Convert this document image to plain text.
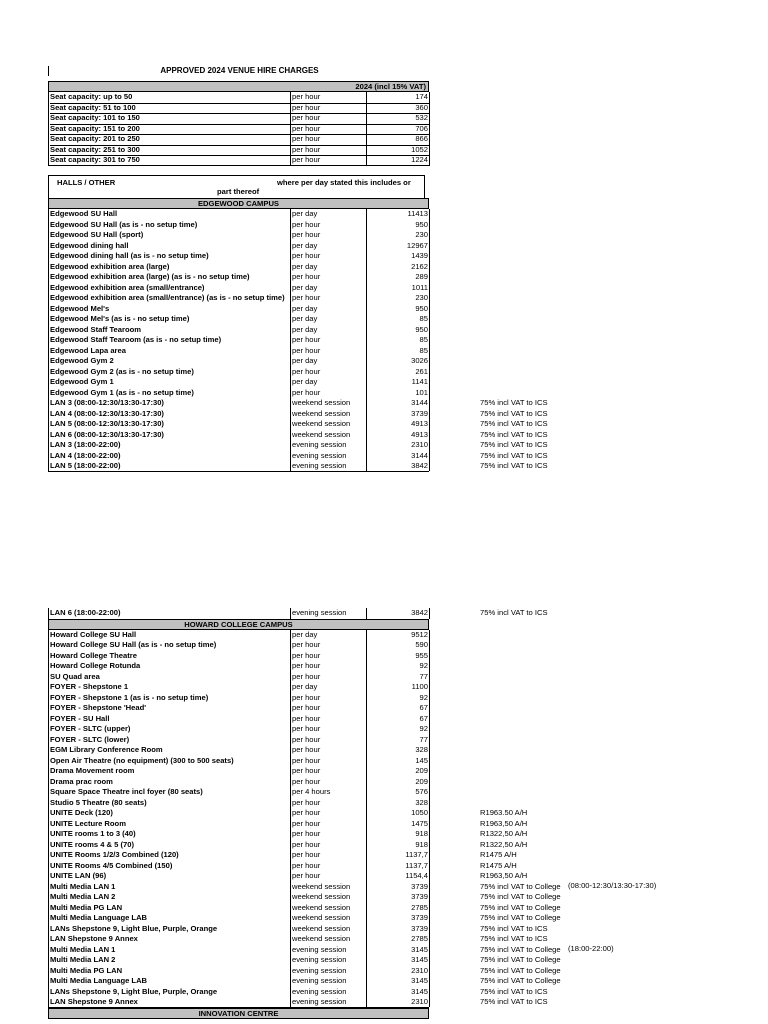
APPROVED 2024 VENUE HIRE CHARGES
2024 (incl 15% VAT)
Seat capacity: up to 50	per hour	174
Seat capacity: 51 to 100	per hour	360
Seat capacity: 101 to 150	per hour	532
Seat capacity: 151 to 200	per hour	706
Seat capacity: 201 to 250	per hour	866
Seat capacity: 251 to 300	per hour	1052
Seat capacity: 301 to 750	per hour	1224
HALLS / OTHER	where per day stated this includes or
part thereof
EDGEWOOD CAMPUS
Edgewood SU Hall	per day	11413
Edgewood SU Hall (as is - no setup time)	per hour	950
Edgewood SU Hall (sport)	per hour	230
Edgewood dining hall	per day	12967
Edgewood dining hall (as is - no setup time)	per hour	1439
Edgewood exhibition area (large)	per day	2162
Edgewood exhibition area (large) (as is - no setup time)	per hour	289
Edgewood exhibition area (small/entrance)	per day	1011
Edgewood exhibition area (small/entrance) (as is - no setup time) per hour	230
Edgewood Mel's	per day	950
Edgewood Mel's (as is - no setup time)	per day	85
Edgewood Staff Tearoom	per day	950
Edgewood Staff Tearoom (as is - no setup time)	per hour	85
Edgewood Lapa area	per hour	85
Edgewood Gym 2	per day	3026
Edgewood Gym 2 (as is - no setup time)	per hour	261
Edgewood Gym 1	per day	1141
Edgewood Gym 1 (as is - no setup time)	per hour	101
LAN 3 (08:00-12:30/13:30-17:30)	weekend session	3144	75% incl VAT to ICS
LAN 4 (08:00-12:30/13:30-17:30)	weekend session	3739	75% incl VAT to ICS
LAN 5 (08:00-12:30/13:30-17:30)	weekend session	4913	75% incl VAT to ICS
LAN 6 (08:00-12:30/13:30-17:30)	weekend session	4913	75% incl VAT to ICS
LAN 3 (18:00-22:00)	evening session	2310	75% incl VAT to ICS
LAN 4 (18:00-22:00)	evening session	3144	75% incl VAT to ICS
LAN 5 (18:00-22:00)	evening session	3842	75% incl VAT to ICS
LAN 6 (18:00-22:00)	evening session	3842	75% incl VAT to ICS
HOWARD COLLEGE CAMPUS
Howard College SU Hall	per day	9512
Howard College SU Hall (as is - no setup time)	per hour	590
Howard College Theatre	per hour	955
Howard College Rotunda	per hour	92
SU Quad area	per hour	77
FOYER - Shepstone 1	per day	1100
FOYER - Shepstone 1 (as is - no setup time)	per hour	92
FOYER - Shepstone 'Head'	per hour	67
FOYER - SU Hall	per hour	67
FOYER - SLTC (upper)	per hour	92
FOYER - SLTC (lower)	per hour	77
EGM Library Conference Room	per hour	328
Open Air Theatre (no equipment) (300 to 500 seats)	per hour	145
Drama Movement room	per hour	209
Drama prac room	per hour	209
Square Space Theatre incl foyer (80 seats)	per 4 hours	576
Studio 5 Theatre (80 seats)	per hour	328
UNITE Deck (120)	per hour	1050	R1963.50 A/H
UNITE Lecture Room	per hour	1475	R1963,50 A/H
UNITE rooms 1 to 3 (40)	per hour	918	R1322,50 A/H
UNITE rooms 4 & 5 (70)	per hour	918	R1322,50 A/H
UNITE Rooms 1/2/3 Combined (120)	per hour	1137,7	R1475 A/H
UNITE Rooms 4/5 Combined (150)	per hour	1137,7	R1475 A/H
UNITE LAN (96)	per hour	1154,4	R1963,50 A/H
Multi Media LAN 1	weekend session	3739	75% incl VAT to College
Multi Media LAN 2	weekend session	3739	75% incl VAT to College
Multi Media PG LAN	weekend session	2785	75% incl VAT to College
Multi Media Language LAB	weekend session	3739	75% incl VAT to College
LANs Shepstone 9, Light Blue, Purple, Orange	weekend session	3739	75% incl VAT to ICS
LAN Shepstone 9 Annex	weekend session	2785	75% incl VAT to ICS
Multi Media LAN 1	evening session	3145	75% incl VAT to College
Multi Media LAN 2	evening session	3145	75% incl VAT to College
Multi Media PG LAN	evening session	2310	75% incl VAT to College
Multi Media Language LAB	evening session	3145	75% incl VAT to College
LANs Shepstone 9, Light Blue, Purple, Orange	evening session	3145	75% incl VAT to ICS
LAN Shepstone 9 Annex	evening session	2310	75% incl VAT to ICS
INNOVATION CENTRE
(08:00-12:30/13:30-17:30)
(18:00-22:00)
